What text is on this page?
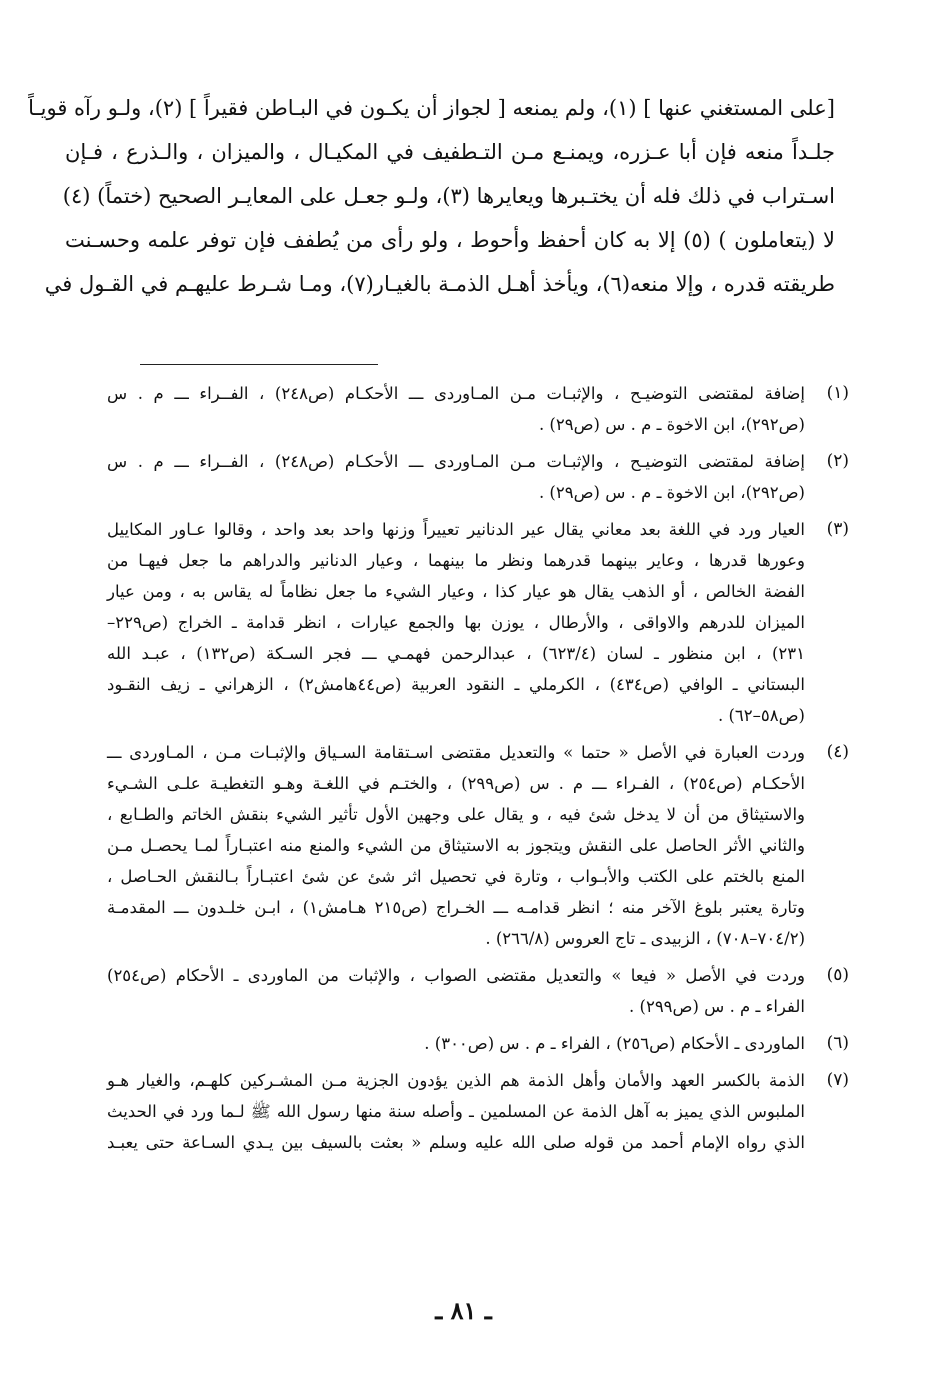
[على المستغني عنها ] (١)، ولم يمنعه [ لجواز أن يكـون في البـاطن فقيراً ] (٢)، ولـو رآه قويـاً
جلـداً منعه فإن أبا عـزره، ويمنـع مـن التـطفيف في المكيـال ، والميزان ، والـذرع ، فـإن
اسـتراب في ذلك فله أن يختـبرها ويعايرها (٣)، ولـو جعـل على المعايـر الصحيح (ختماً) (٤)
لا (يتعاملون ) (٥) إلا به كان أحفظ وأحوط ، ولو رأى من يُطفف فإن توفر علمه وحسـنت
طريقته قدره ، وإلا منعه(٦)، ويأخذ أهـل الذمـة بالغيـار(٧)، ومـا شـرط عليهـم في القـول في
(١)
إضافة لمقتضى التوضيـح ، والإثبـات مـن المـاوردى ـــ الأحكـام (ص٢٤٨) ، الفــراء ـــ م . س
(ص٢٩٢)، ابن الاخوة ـ م . س (ص٢٩) .
(٢)
إضافة لمقتضى التوضيـح ، والإثبـات مـن المـاوردى ـــ الأحكـام (ص٢٤٨) ، الفــراء ـــ م . س
(ص٢٩٢)، ابن الاخوة ـ م . س (ص٢٩) .
(٣)
العيار ورد في اللغة بعد معاني يقال عير الدنانير تعييراً وزنها واحد بعد واحد ، وقالوا عـاور المكاييل
وعورها قدرها ، وعاير بينهما قدرهما ونظر ما بينهما ، وعيار الدنانير والدراهم ما جعل فيهـا من
الفضة الخالص ، أو الذهب يقال هو عيار كذا ، وعيار الشيء ما جعل نظاماً له يقاس به ، ومن عيار
الميزان للدرهم والاواقى ، والأرطال ، يوزن بها والجمع عيارات ، انظر قدامة ـ الخراج (ص٢٢٩–
٢٣١) ، ابن منظور ـ لسان (٦٢٣/٤) ، عبدالرحمن فهمـي ـــ فجر السـكة (ص١٣٢) ، عبـد الله
البستاني ـ الوافي (ص٤٣٤) ، الكرملي ـ النقود العربية (ص٤٤هامش٢) ، الزهراني ـ زيف النقـود
(ص٥٨–٦٢) .
(٤)
وردت العبارة في الأصل « حتما » والتعديل مقتضى اسـتقامة السـياق والإثبـات مـن ، المـاوردى ـــ
الأحكـام (ص٢٥٤) ، الفـراء ـــ م . س (ص٢٩٩) ، والختـم في اللغـة وهـو التغطيـة علـى الشـيء
والاستيثاق من أن لا يدخل شئ فيه ، و يقال على وجهين الأول تأثير الشيء بنقش الخاتم والطـابع ،
والثاني الأثر الحاصل على النقش ويتجوز به الاستيثاق من الشيء والمنع منه اعتبـاراً لمـا يحصـل مـن
المنع بالختم على الكتب والأبـواب ، وتارة في تحصيل اثر شئ عن شئ اعتبـاراً بـالنقش الحـاصل ،
وتارة يعتبر بلوغ الآخر منه ؛ انظر قدامـه ـــ الخـراج (ص٢١٥ هـامش١) ، ابـن خلـدون ـــ المقدمـة
(٧٠٤/٢–٧٠٨) ، الزبيدى ـ تاج العروس (٢٦٦/٨) .
(٥)
وردت في الأصل « فيعا » والتعديل مقتضى الصواب ، والإثبات من الماوردى ـ الأحكام (ص٢٥٤)
الفراء ـ م . س (ص٢٩٩) .
(٦)
الماوردى ـ الأحكام (ص٢٥٦) ، الفراء ـ م . س (ص٣٠٠) .
(٧)
الذمة بالكسر العهد والأمان وأهل الذمة هم الذين يؤدون الجزية مـن المشـركين كلهـم، والغيار هـو
الملبوس الذي يميز به آهل الذمة عن المسلمين ـ وأصله سنة منها رسول الله ﷺ لـما ورد في الحديث
الذي رواه الإمام أحمد من قوله صلى الله عليه وسلم « بعثت بالسيف بين يـدي السـاعة حتى يعبـد
ـ ٨١ ـ
